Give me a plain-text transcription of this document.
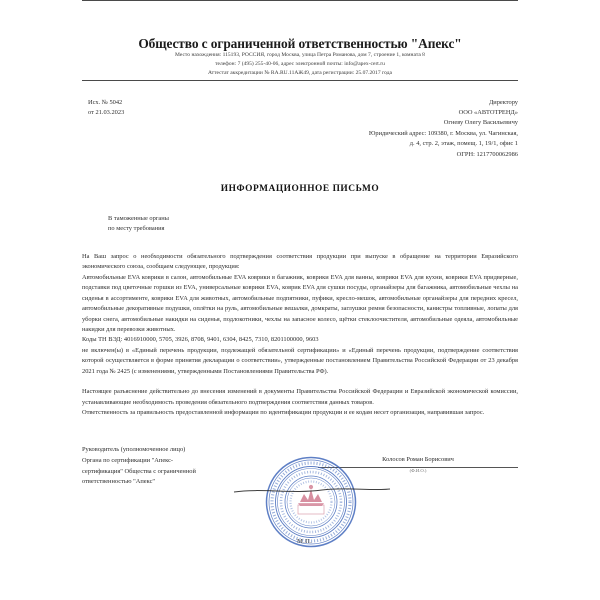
Общество с ограниченной ответственностью "Апекс"
Место нахождения: 115193, РОССИЯ, город Москва, улица Петра Романова, дом 7, строение 1, комната 8
телефон: 7 (495) 255-40-06, адрес электронной почты: info@apex-cert.ru
Аттестат аккредитации № RA.RU.11АЖ49, дата регистрации: 25.07.2017 года
Исх. № 5042
от 21.03.2023
Директору
ООО «АВТОТРЕНД»
Огневу Олегу Васильевичу
Юридический адрес: 109380, г. Москва, ул. Чагинская,
д. 4, стр. 2, этаж, помещ. 1, 19/1, офис 1
ОГРН: 1217700062986
ИНФОРМАЦИОННОЕ ПИСЬМО
В таможенные органы
по месту требования

На Ваш запрос о необходимости обязательного подтверждения соответствия продукции при выпуске в обращение на территории Евразийского экономического союза, сообщаем следующее, продукция:

Автомобильные EVA коврики в салон, автомобильные EVA коврики в багажник, коврики EVA для ванны, коврики EVA для кухни, коврики EVA придверные, подставки под цветочные горшки из EVA, универсальные коврики EVA, коврик EVA для сушки посуды, органайзеры для багажника, автомобильные чехлы на сиденья в ассортименте, коврики EVA для животных, автомобильные подпятники, пуфики, кресло-мешок, автомобильные органайзеры для передних кресел, автомобильные декоративные подушки, оплётки на руль, автомобильные вешалки, домкраты, заглушки ремня безопасности, канистры топливные, лопаты для уборки снега, автомобильные накидки на сиденья, подлокотники, чехлы на запасное колесо, щётки стеклоочистителя, автомобильные одеяла, автомобильные накидки для перевозки животных.

Коды ТН ВЭД: 4016910000, 5705, 3926, 8708, 9401, 6304, 8425, 7310, 8201100000, 9603

не включен(ы) в «Единый перечень продукции, подлежащей обязательной сертификации» и «Единый перечень продукции, подтверждение соответствия которой осуществляется в форме принятия декларации о соответствии», утвержденные постановлением Правительства Российской Федерации от 23 декабря 2021 года № 2425 (с изменениями, утвержденными Постановлениями Правительства РФ).

Настоящее разъяснение действительно до внесения изменений в документы Правительства Российской Федерации и Евразийской экономической комиссии, устанавливающие необходимость проведения обязательного подтверждения соответствия данных товаров.

Ответственность за правильность предоставленной информации по идентификации продукции и ее кодам несет организация, направившая запрос.

Руководитель (уполномоченное лицо)
Органа по сертификации "Апекс-
сертификация" Общества с ограниченной
ответственностью "Апекс"
Колосов Роман Борисович
(Ф.И.О.)
М.П.
